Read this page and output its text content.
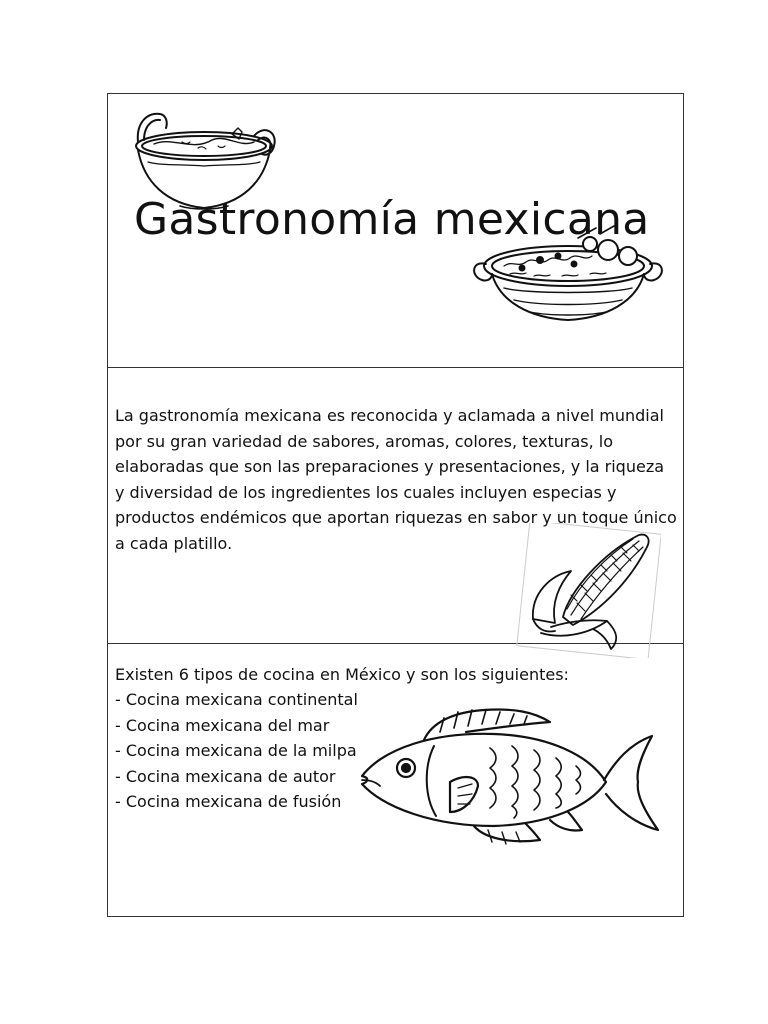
Gastronomía mexicana

La gastronomía mexicana es reconocida y aclamada a nivel mundial por su gran variedad de sabores, aromas, colores, texturas, lo elaboradas que son las preparaciones y presentaciones, y la riqueza y diversidad de los ingredientes los cuales incluyen especias y productos endémicos que aportan riquezas en sabor y un toque único a cada platillo.

Existen 6 tipos de cocina en México y son los siguientes:

- Cocina mexicana continental
- Cocina mexicana del mar
- Cocina mexicana de la milpa
- Cocina mexicana de autor
- Cocina mexicana de fusión
